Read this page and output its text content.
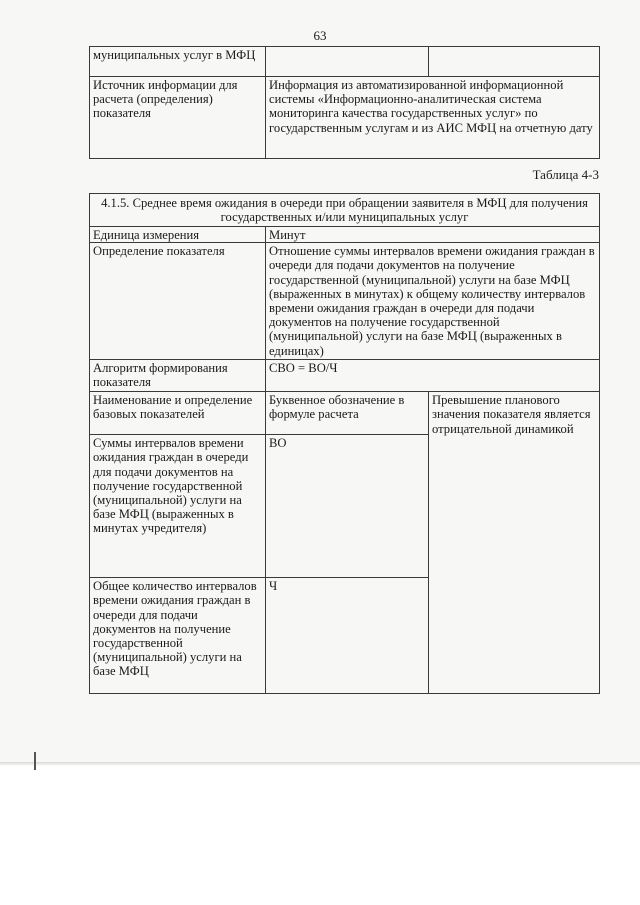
63
муниципальных услуг в МФЦ		
Источник информации для расчета (определения) показателя	Информация из автоматизированной информационной системы «Информационно-аналитическая система мониторинга качества государственных услуг» по государственным услугам и из АИС МФЦ на отчетную дату	
Таблица 4-3
4.1.5. Среднее время ожидания в очереди при обращении заявителя в МФЦ для получения государственных и/или муниципальных услуг		
Единица измерения	Минут	
Определение показателя	Отношение суммы интервалов времени ожидания граждан в очереди для подачи документов на получение государственной (муниципальной) услуги на базе МФЦ (выраженных в минутах) к общему количеству интервалов времени ожидания граждан в очереди для подачи документов на получение государственной (муниципальной) услуги на базе МФЦ (выраженных в единицах)	
Алгоритм формирования показателя	СВО = ВО/Ч	
Наименование и определение базовых показателей	Буквенное обозначение в формуле расчета	Превышение планового значения показателя является отрицательной динамикой
Суммы интервалов времени ожидания граждан в очереди для подачи документов на получение государственной (муниципальной) услуги на базе МФЦ (выраженных в минутах учредителя)	ВО	
Общее количество интервалов времени ожидания граждан в очереди для подачи документов на получение государственной (муниципальной) услуги на базе МФЦ	Ч	
